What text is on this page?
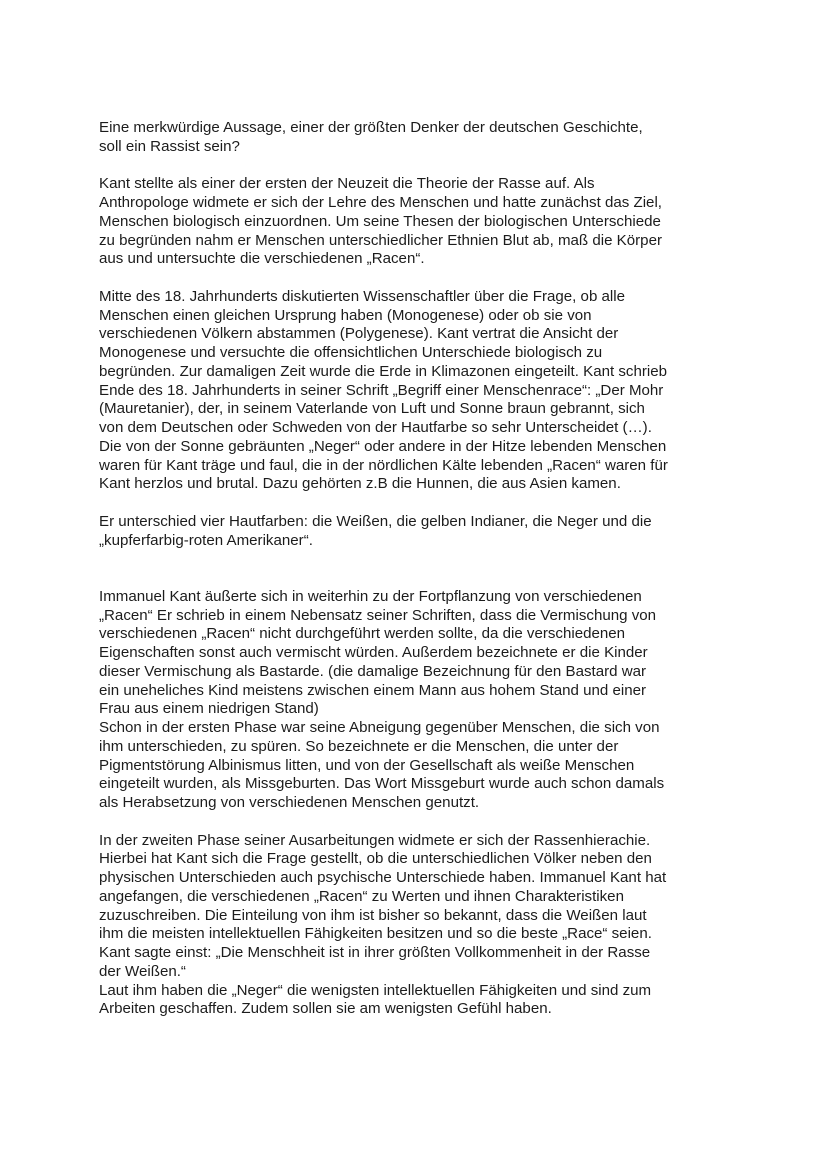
Eine merkwürdige Aussage, einer der größten Denker der deutschen Geschichte,
soll ein Rassist sein?
Kant stellte als einer der ersten der Neuzeit die Theorie der Rasse auf. Als
Anthropologe widmete er sich der Lehre des Menschen und hatte zunächst das Ziel,
Menschen biologisch einzuordnen. Um seine Thesen der biologischen Unterschiede
zu begründen nahm er Menschen unterschiedlicher Ethnien Blut ab, maß die Körper
aus und untersuchte die verschiedenen „Racen“.
Mitte des 18. Jahrhunderts diskutierten Wissenschaftler über die Frage, ob alle
Menschen einen gleichen Ursprung haben (Monogenese) oder ob sie von
verschiedenen Völkern abstammen (Polygenese). Kant vertrat die Ansicht der
Monogenese und versuchte die offensichtlichen Unterschiede biologisch zu
begründen. Zur damaligen Zeit wurde die Erde in Klimazonen eingeteilt. Kant schrieb
Ende des 18. Jahrhunderts in seiner Schrift „Begriff einer Menschenrace“: „Der Mohr
(Mauretanier), der, in seinem Vaterlande von Luft und Sonne braun gebrannt, sich
von dem Deutschen oder Schweden von der Hautfarbe so sehr Unterscheidet (…).
Die von der Sonne gebräunten „Neger“ oder andere in der Hitze lebenden Menschen
waren für Kant träge und faul, die in der nördlichen Kälte lebenden „Racen“ waren für
Kant herzlos und brutal. Dazu gehörten z.B die Hunnen, die aus Asien kamen.
Er unterschied vier Hautfarben: die Weißen, die gelben Indianer, die Neger und die
„kupferfarbig-roten Amerikaner“.
Immanuel Kant äußerte sich in weiterhin zu der Fortpflanzung von verschiedenen
„Racen“ Er schrieb in einem Nebensatz seiner Schriften, dass die Vermischung von
verschiedenen „Racen“ nicht durchgeführt werden sollte, da die verschiedenen
Eigenschaften sonst auch vermischt würden. Außerdem bezeichnete er die Kinder
dieser Vermischung als Bastarde. (die damalige Bezeichnung für den Bastard war
ein uneheliches Kind meistens zwischen einem Mann aus hohem Stand und einer
Frau aus einem niedrigen Stand)
Schon in der ersten Phase war seine Abneigung gegenüber Menschen, die sich von
ihm unterschieden, zu spüren. So bezeichnete er die Menschen, die unter der
Pigmentstörung Albinismus litten, und von der Gesellschaft als weiße Menschen
eingeteilt wurden, als Missgeburten. Das Wort Missgeburt wurde auch schon damals
als Herabsetzung von verschiedenen Menschen genutzt.
In der zweiten Phase seiner Ausarbeitungen widmete er sich der Rassenhierachie.
Hierbei hat Kant sich die Frage gestellt, ob die unterschiedlichen Völker neben den
physischen Unterschieden auch psychische Unterschiede haben. Immanuel Kant hat
angefangen, die verschiedenen „Racen“ zu Werten und ihnen Charakteristiken
zuzuschreiben. Die Einteilung von ihm ist bisher so bekannt, dass die Weißen laut
ihm die meisten intellektuellen Fähigkeiten besitzen und so die beste „Race“ seien.
Kant sagte einst: „Die Menschheit ist in ihrer größten Vollkommenheit in der Rasse
der Weißen.“
Laut ihm haben die „Neger“ die wenigsten intellektuellen Fähigkeiten und sind zum
Arbeiten geschaffen. Zudem sollen sie am wenigsten Gefühl haben.
